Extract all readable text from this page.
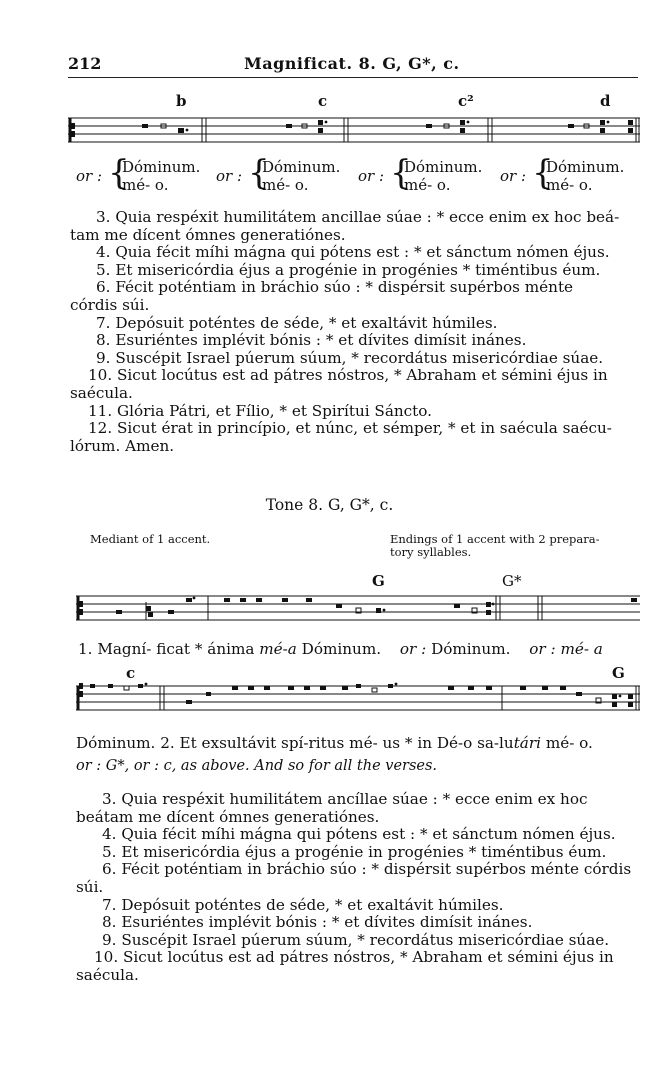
212	Magnificat. 8. G, G*, c.
b	c	c²	d
or : {
Dóminum.
mé- o.	or : {
Dóminum.
mé- o.	or : {
Dóminum.
mé- o.	or : {
Dóminum.
mé- o.

3. Quia respéxit humilitátem ancillae súae : * ecce enim ex hoc beá-

tam me dícent ómnes generatiónes.

4. Quia fécit míhi mágna qui pótens est : * et sánctum nómen éjus.

5. Et misericórdia éjus a progénie in progénies * timéntibus éum.

6. Fécit poténtiam in bráchio súo : * dispérsit supérbos ménte

córdis súi.

7. Depósuit poténtes de séde, * et exaltávit húmiles.

8. Esuriéntes implévit bónis : * et dívites dimísit inánes.

9. Suscépit Israel púerum súum, * recordátus misericórdiae súae.

10. Sicut locútus est ad pátres nóstros, * Abraham et sémini éjus in

saécula.

11. Glória Pátri, et Fílio, * et Spirítui Sáncto.

12. Sicut érat in princípio, et núnc, et sémper, * et in saécula saécu-

lórum. Amen.

Tone 8. G, G*, c.
Mediant of 1 accent.	Endings of 1 accent with 2 prepara-
tory syllables.
G	G*
1. Magní- ficat * ánima mé-a Dóminum. or : Dóminum. or : mé- a
c	G
Dóminum. 2. Et exsultávit spí-ritus mé- us * in Dé-o sa-lutári mé- o.
or : G*, or : c, as above. And so for all the verses.

3. Quia respéxit humilitátem ancíllae súae : * ecce enim ex hoc

beátam me dícent ómnes generatiónes.

4. Quia fécit míhi mágna qui pótens est : * et sánctum nómen éjus.

5. Et misericórdia éjus a progénie in progénies * timéntibus éum.

6. Fécit poténtiam in bráchio súo : * dispérsit supérbos ménte córdis

súi.

7. Depósuit poténtes de séde, * et exaltávit húmiles.

8. Esuriéntes implévit bónis : * et dívites dimísit inánes.

9. Suscépit Israel púerum súum, * recordátus misericórdiae súae.

10. Sicut locútus est ad pátres nóstros, * Abraham et sémini éjus in

saécula.
